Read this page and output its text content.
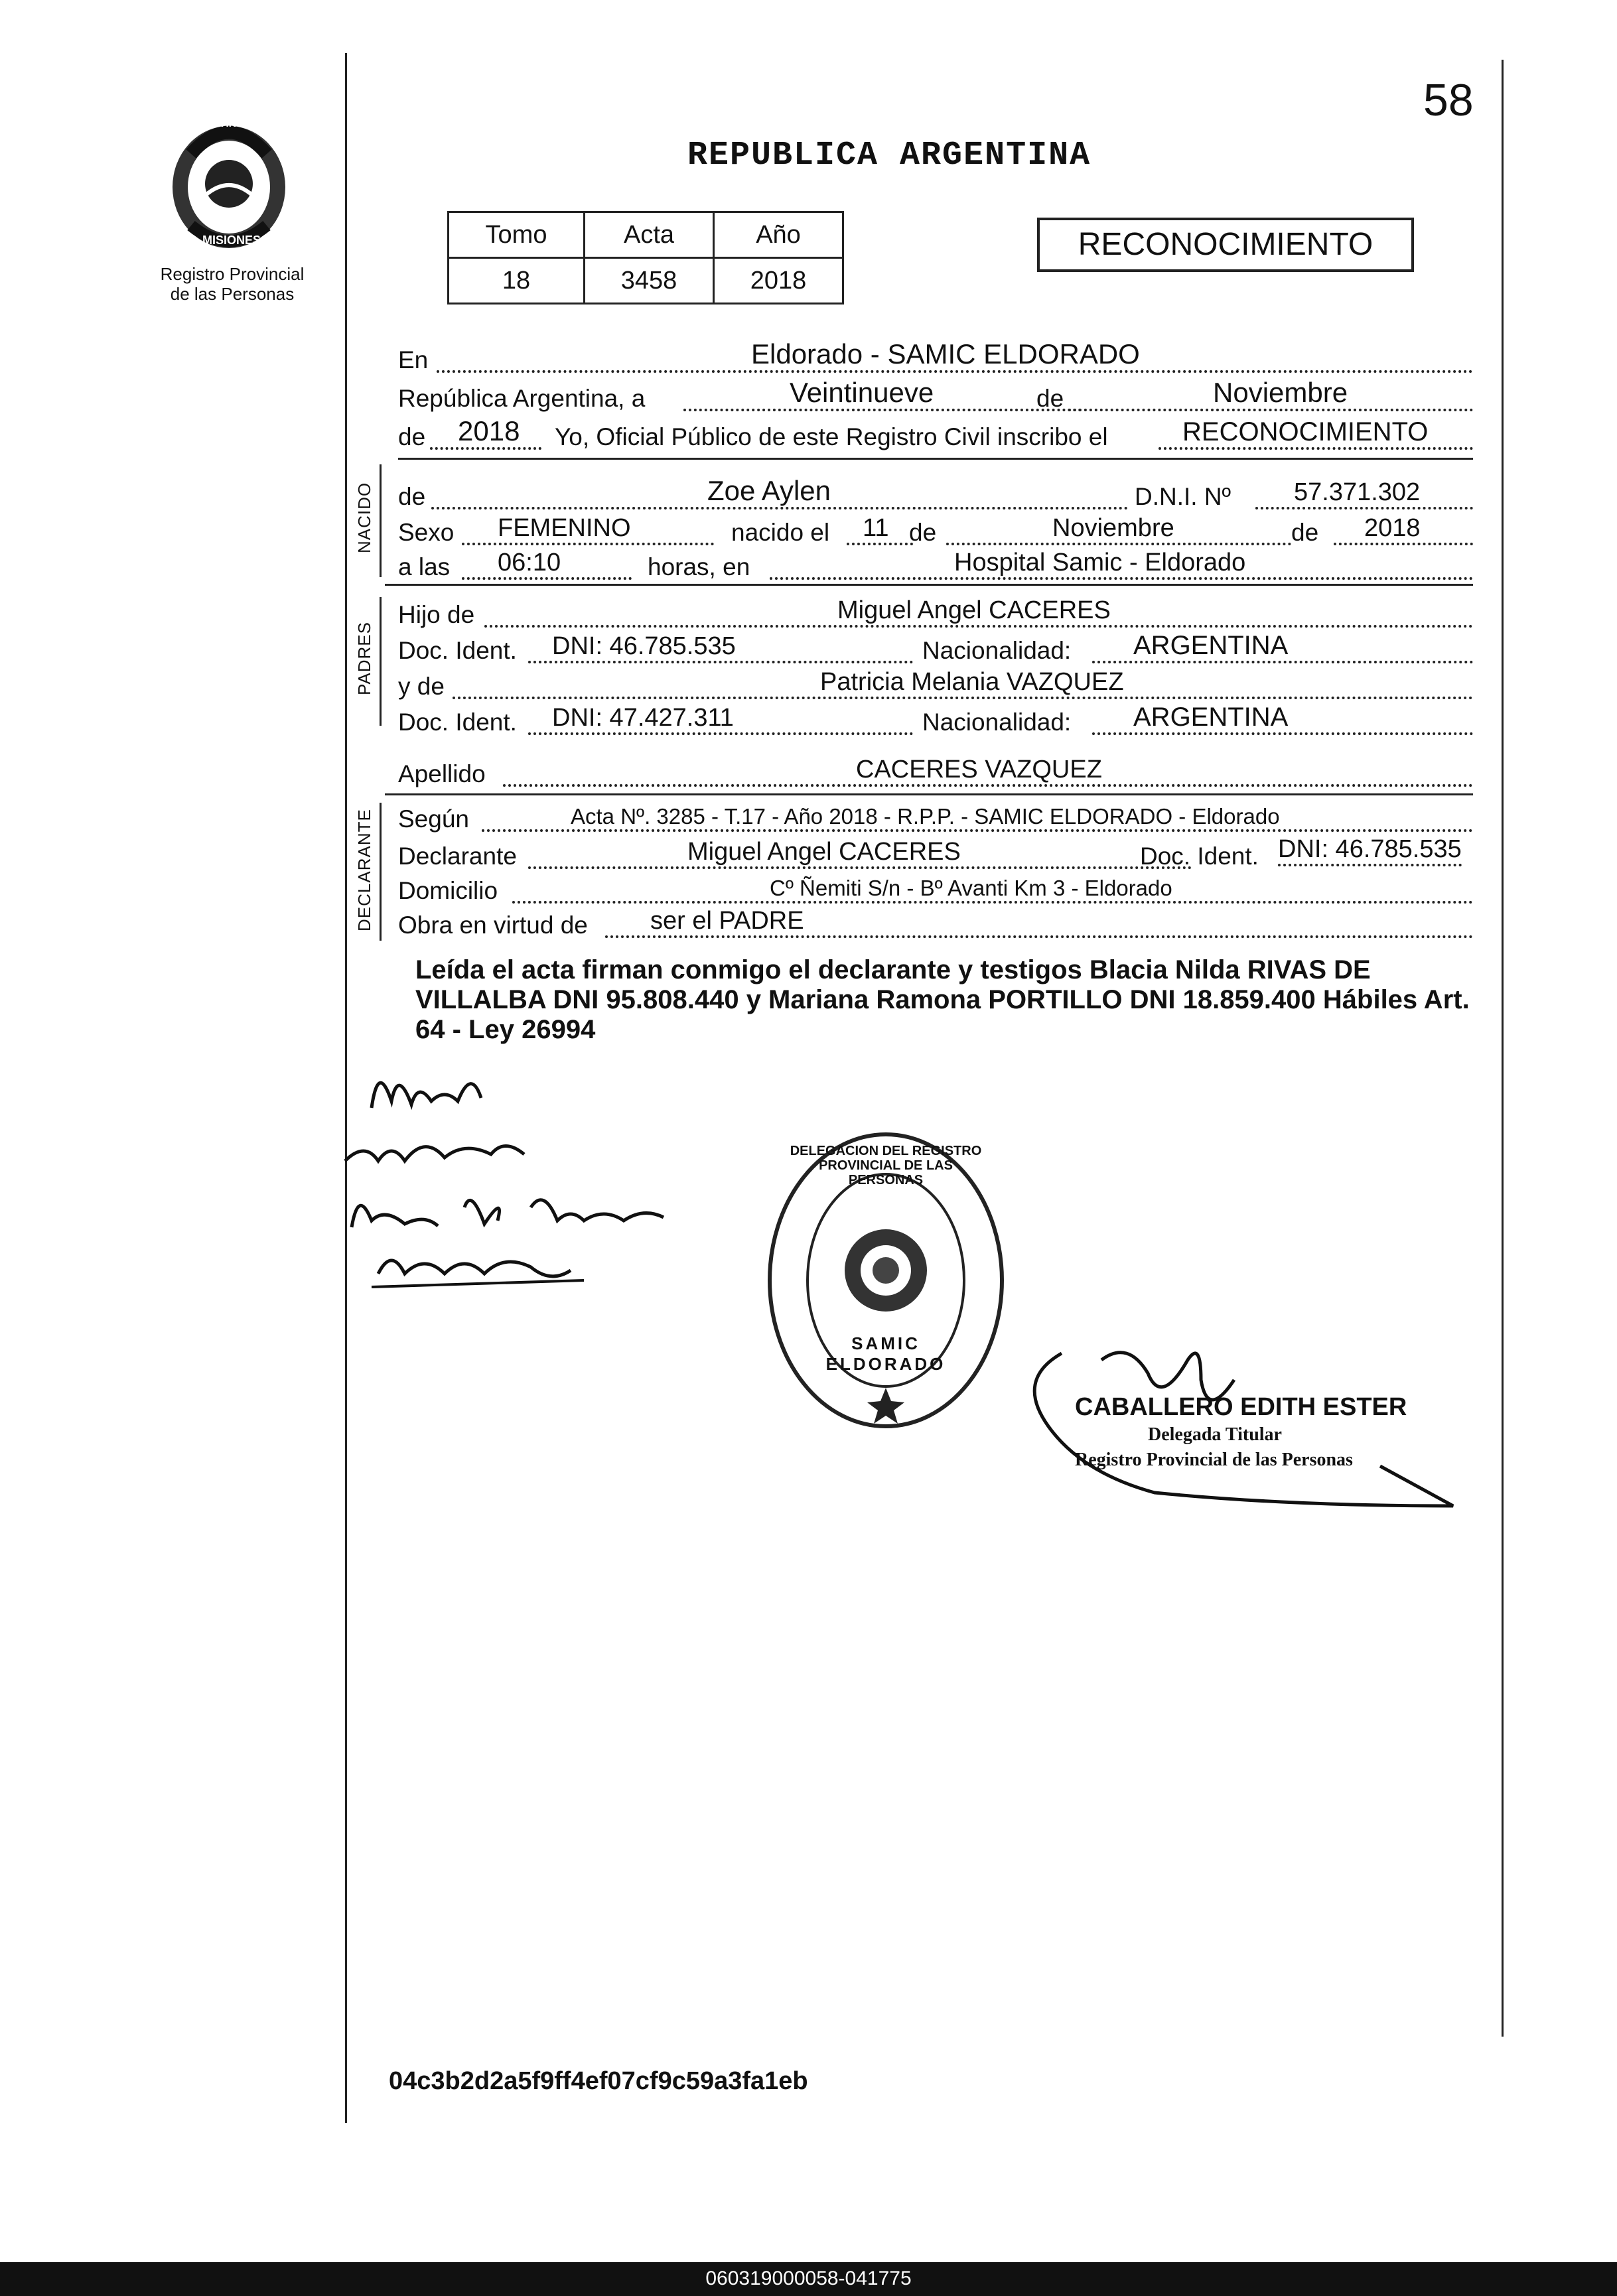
58
PROVINCIA DE
MISIONES
Registro Provincial
de las Personas
REPUBLICA ARGENTINA
Tomo	Acta	Año
18	3458	2018
RECONOCIMIENTO
En	Eldorado - SAMIC ELDORADO
República Argentina, a	Veintinueve	de	Noviembre
de 2018 Yo, Oficial Público de este Registro Civil inscribo el	RECONOCIMIENTO
NACIDO de	Zoe Aylen	D.N.I. Nº 57.371.302
Sexo FEMENINO	nacido el 11 de	Noviembre	de 2018
a las 06:10	horas, en	Hospital Samic - Eldorado
PADRES
Hijo de	Miguel Angel CACERES
Doc. Ident. DNI: 46.785.535	Nacionalidad: ARGENTINA
y de	Patricia Melania VAZQUEZ
Doc. Ident. DNI: 47.427.311	Nacionalidad: ARGENTINA
Apellido	CACERES VAZQUEZ
DECLARANTE Según	Acta Nº. 3285 - T.17 - Año 2018 - R.P.P. - SAMIC ELDORADO - Eldorado
Declarante	Miguel Angel CACERES	Doc. Ident. DNI: 46.785.535
Domicilio	Cº Ñemiti S/n - Bº Avanti Km 3 - Eldorado
Obra en virtud de ser el PADRE
Leída el acta firman conmigo el declarante y testigos Blacia Nilda RIVAS DE VILLALBA DNI 95.808.440 y Mariana Ramona PORTILLO DNI 18.859.400 Hábiles Art. 64 - Ley 26994
DELEGACION DEL REGISTRO PROVINCIAL DE LAS PERSONAS
SAMIC ELDORADO
CABALLERO EDITH ESTER
Delegada Titular
Registro Provincial de las Personas
04c3b2d2a5f9ff4ef07cf9c59a3fa1eb
060319000058-041775
